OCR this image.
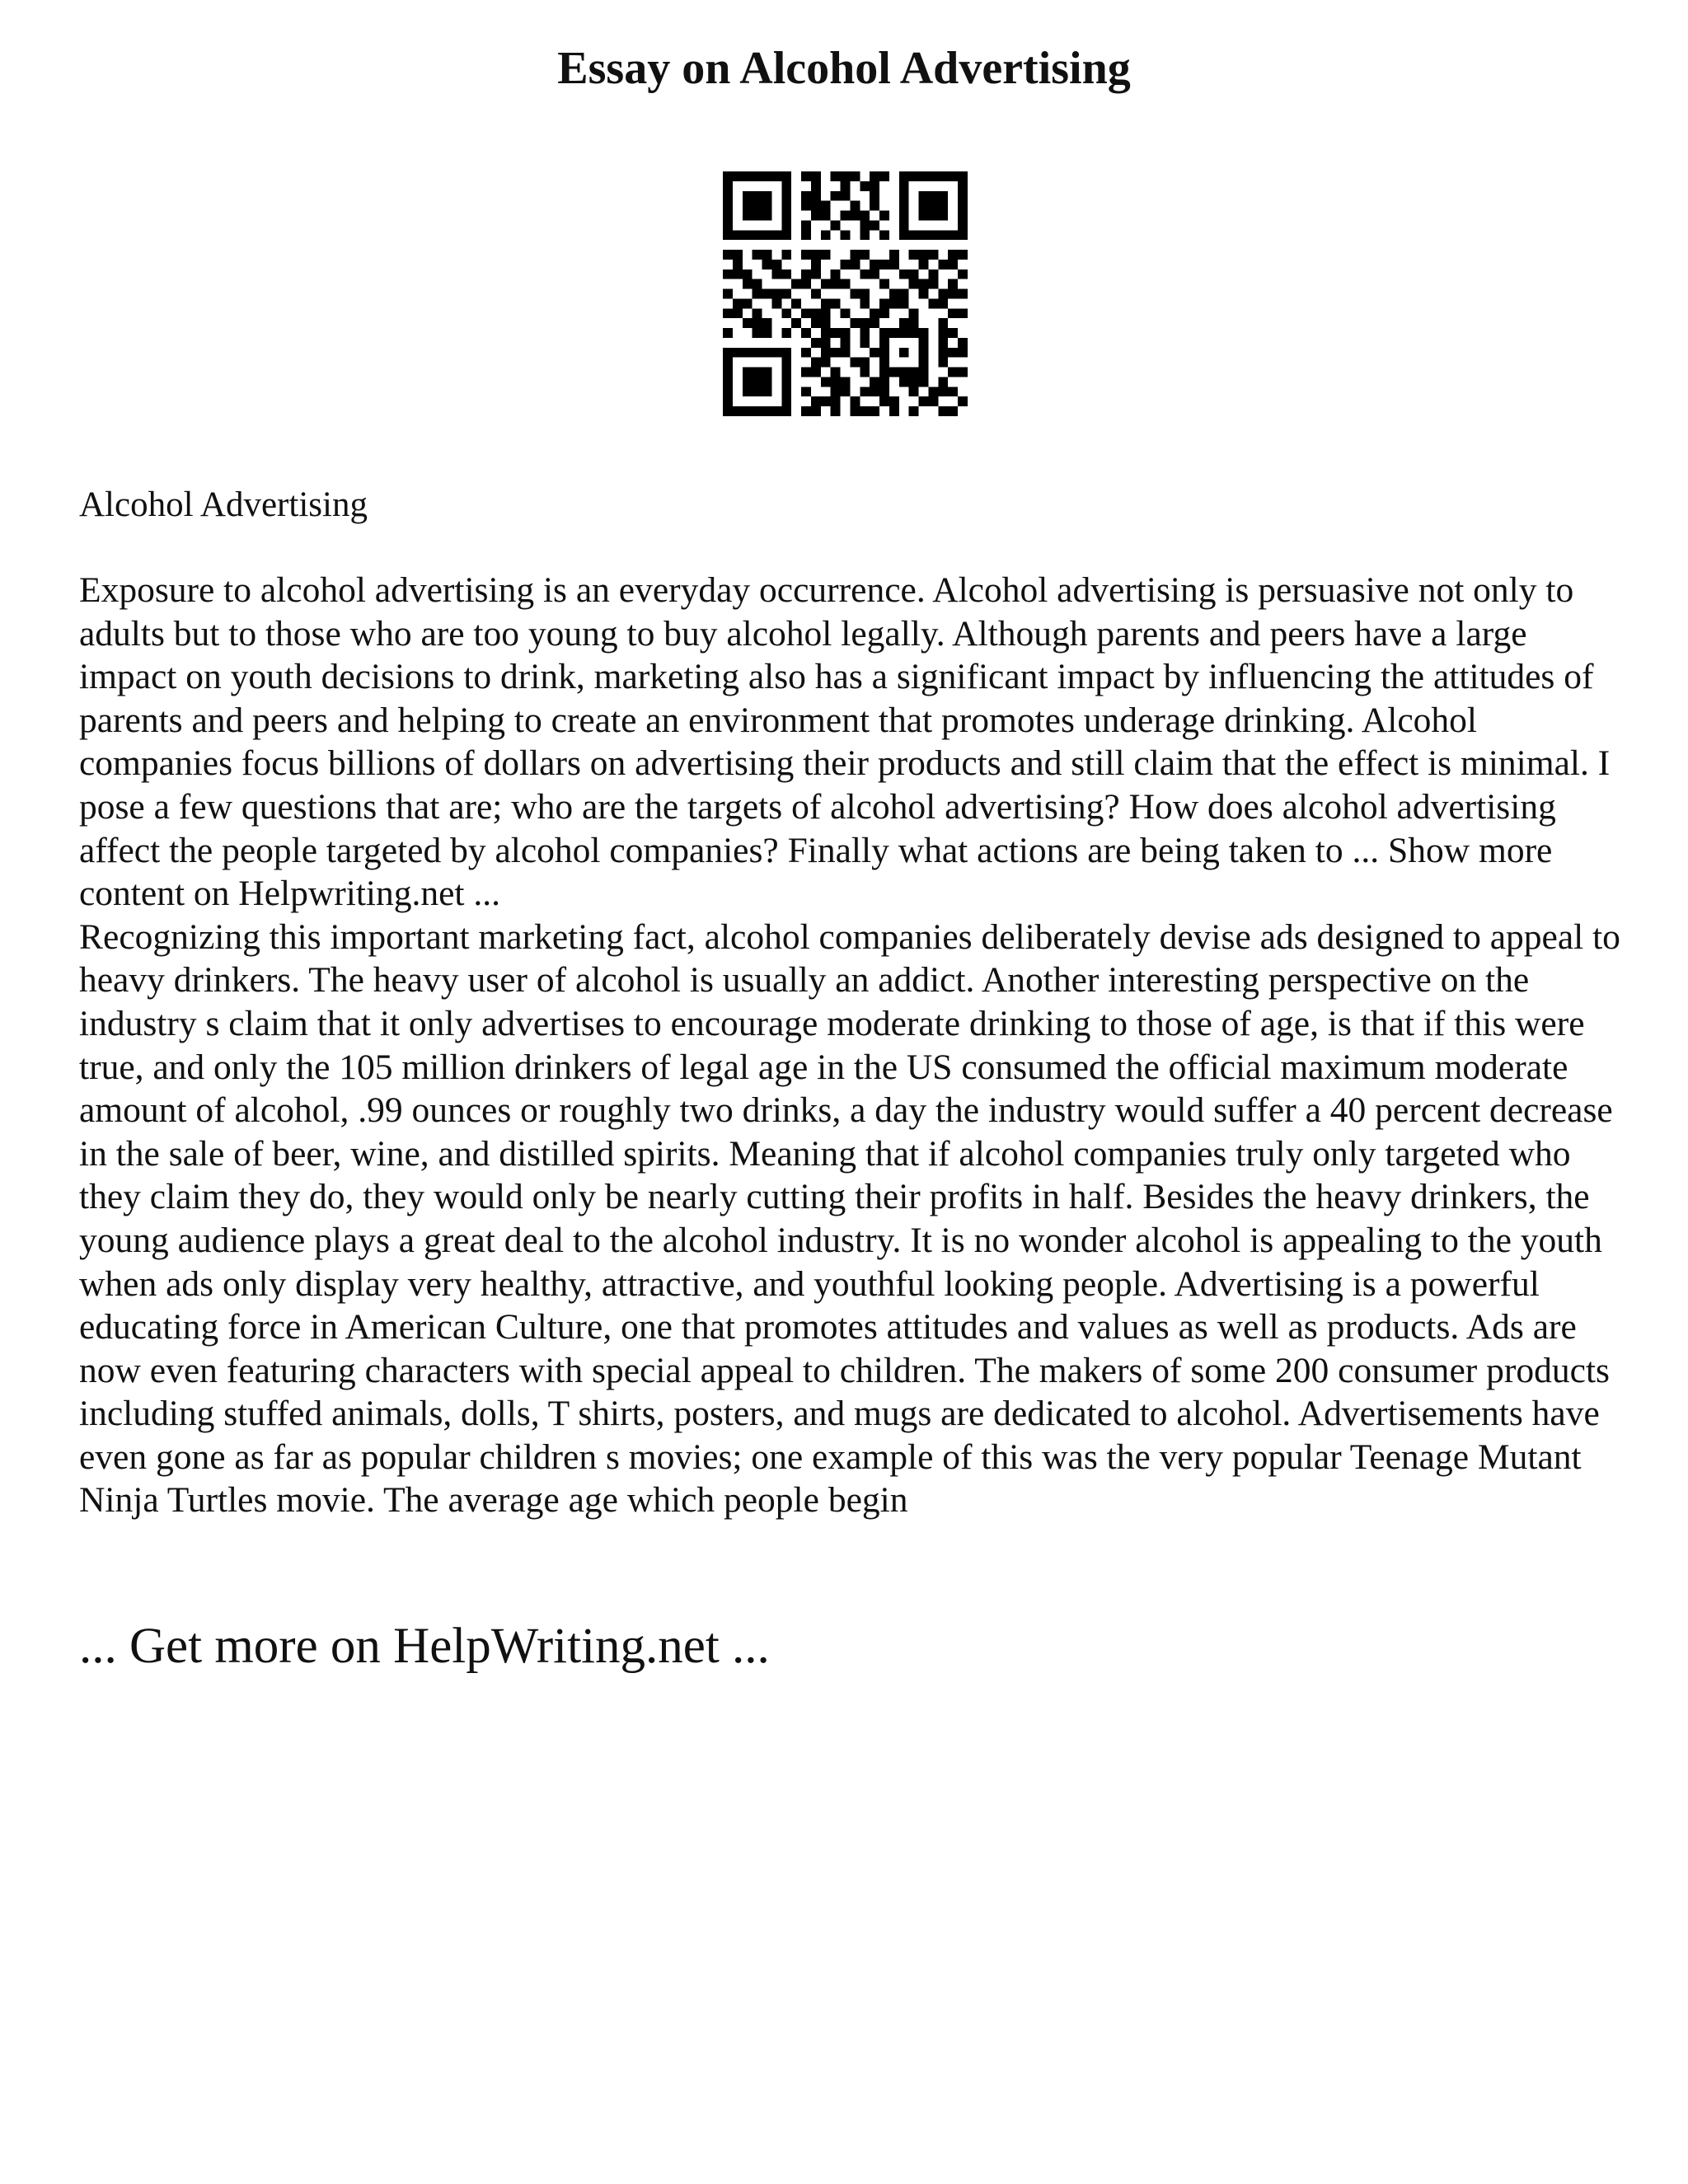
Essay on Alcohol Advertising
Alcohol Advertising

Exposure to alcohol advertising is an everyday occurrence. Alcohol advertising is persuasive not only to adults but to those who are too young to buy alcohol legally. Although parents and peers have a large impact on youth decisions to drink, marketing also has a significant impact by influencing the attitudes of parents and peers and helping to create an environment that promotes underage drinking. Alcohol companies focus billions of dollars on advertising their products and still claim that the effect is minimal. I pose a few questions that are; who are the targets of alcohol advertising? How does alcohol advertising affect the people targeted by alcohol companies? Finally what actions are being taken to ... Show more content on Helpwriting.net ...

Recognizing this important marketing fact, alcohol companies deliberately devise ads designed to appeal to heavy drinkers. The heavy user of alcohol is usually an addict. Another interesting perspective on the industry s claim that it only advertises to encourage moderate drinking to those of age, is that if this were true, and only the 105 million drinkers of legal age in the US consumed the official maximum moderate amount of alcohol, .99 ounces or roughly two drinks, a day the industry would suffer a 40 percent decrease in the sale of beer, wine, and distilled spirits. Meaning that if alcohol companies truly only targeted who they claim they do, they would only be nearly cutting their profits in half. Besides the heavy drinkers, the young audience plays a great deal to the alcohol industry. It is no wonder alcohol is appealing to the youth when ads only display very healthy, attractive, and youthful looking people. Advertising is a powerful educating force in American Culture, one that promotes attitudes and values as well as products. Ads are now even featuring characters with special appeal to children. The makers of some 200 consumer products including stuffed animals, dolls, T shirts, posters, and mugs are dedicated to alcohol. Advertisements have even gone as far as popular children s movies; one example of this was the very popular Teenage Mutant Ninja Turtles movie. The average age which people begin

... Get more on HelpWriting.net ...
